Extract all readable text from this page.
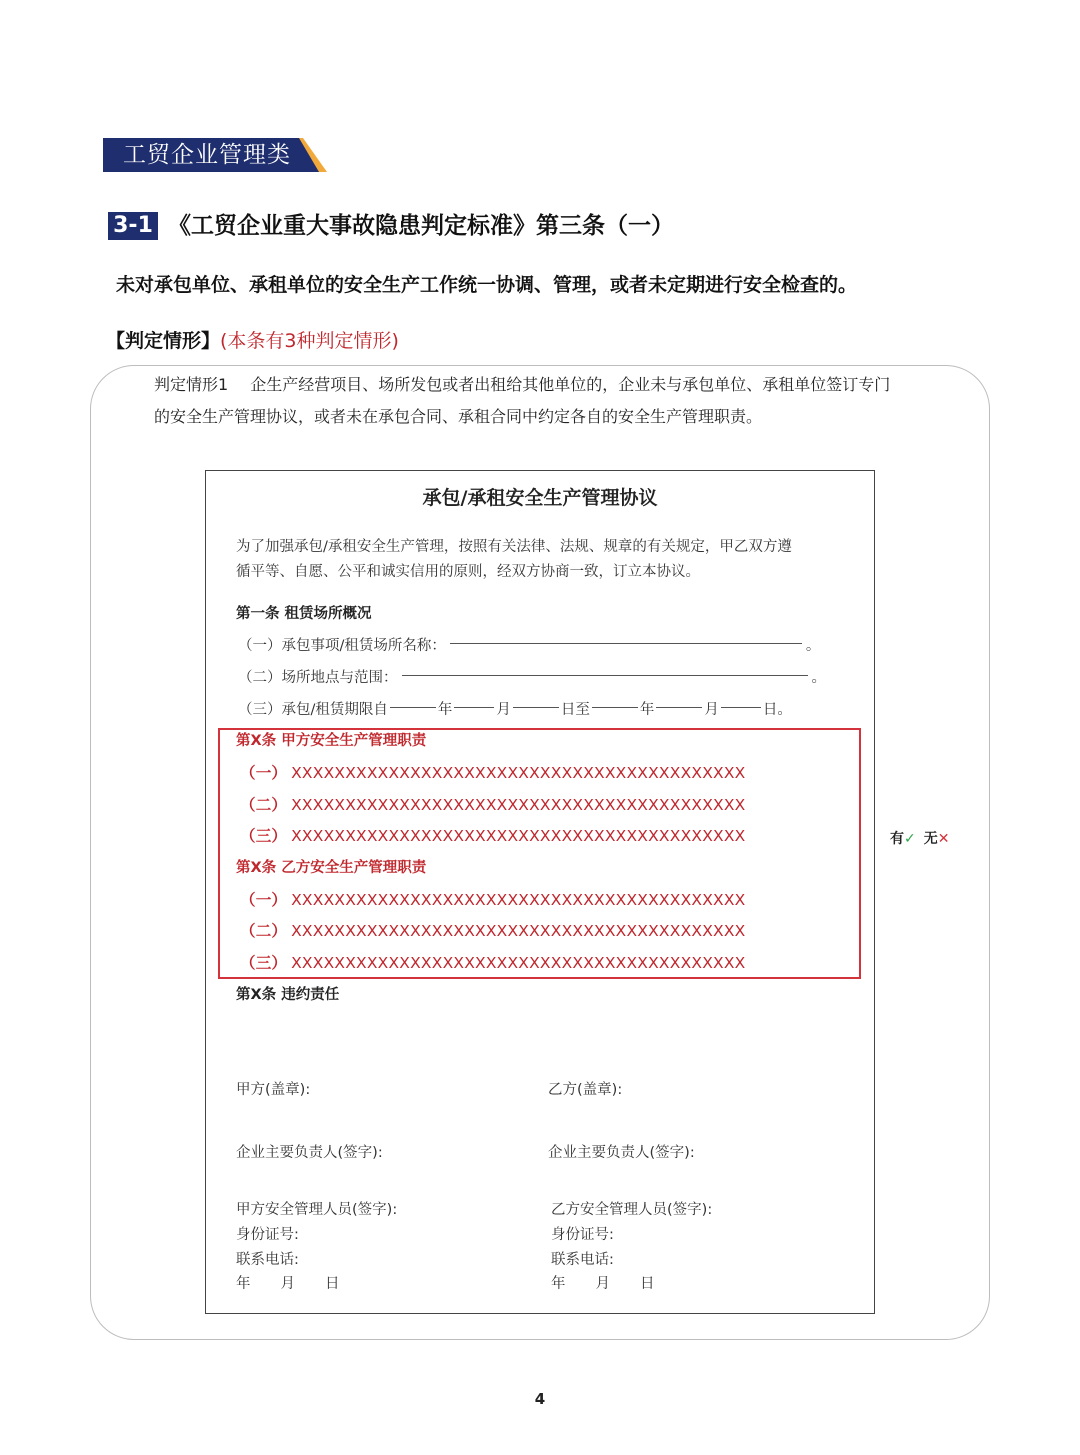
工贸企业管理类
3-1 《工贸企业重大事故隐患判定标准》第三条（一）
未对承包单位、承租单位的安全生产工作统一协调、管理，或者未定期进行安全检查的。
【判定情形】(本条有3种判定情形)
判定情形1 企生产经营项目、场所发包或者出租给其他单位的，企业未与承包单位、承租单位签订专门
的安全生产管理协议，或者未在承包合同、承租合同中约定各自的安全生产管理职责。
承包/承租安全生产管理协议
为了加强承包/承租安全生产管理，按照有关法律、法规、规章的有关规定，甲乙双方遵
循平等、自愿、公平和诚实信用的原则，经双方协商一致，订立本协议。
第一条 租赁场所概况
（一）承包事项/租赁场所名称：	。
（二）场所地点与范围：	。
（三）承包/租赁期限自	年	月	日至	年	月	日。
第X条 甲方安全生产管理职责
（一） XXXXXXXXXXXXXXXXXXXXXXXXXXXXXXXXXXXXXXXXXX
（二） XXXXXXXXXXXXXXXXXXXXXXXXXXXXXXXXXXXXXXXXXX
（三） XXXXXXXXXXXXXXXXXXXXXXXXXXXXXXXXXXXXXXXXXX
第X条 乙方安全生产管理职责
（一） XXXXXXXXXXXXXXXXXXXXXXXXXXXXXXXXXXXXXXXXXX
（二） XXXXXXXXXXXXXXXXXXXXXXXXXXXXXXXXXXXXXXXXXX
（三） XXXXXXXXXXXXXXXXXXXXXXXXXXXXXXXXXXXXXXXXXX
第X条 违约责任
甲方(盖章):	乙方(盖章):
企业主要负责人(签字):	企业主要负责人(签字):
甲方安全管理人员(签字):	乙方安全管理人员(签字):
身份证号:	身份证号:
联系电话:	联系电话:
年 月 日	年 月 日
有✓ 无✕
4
